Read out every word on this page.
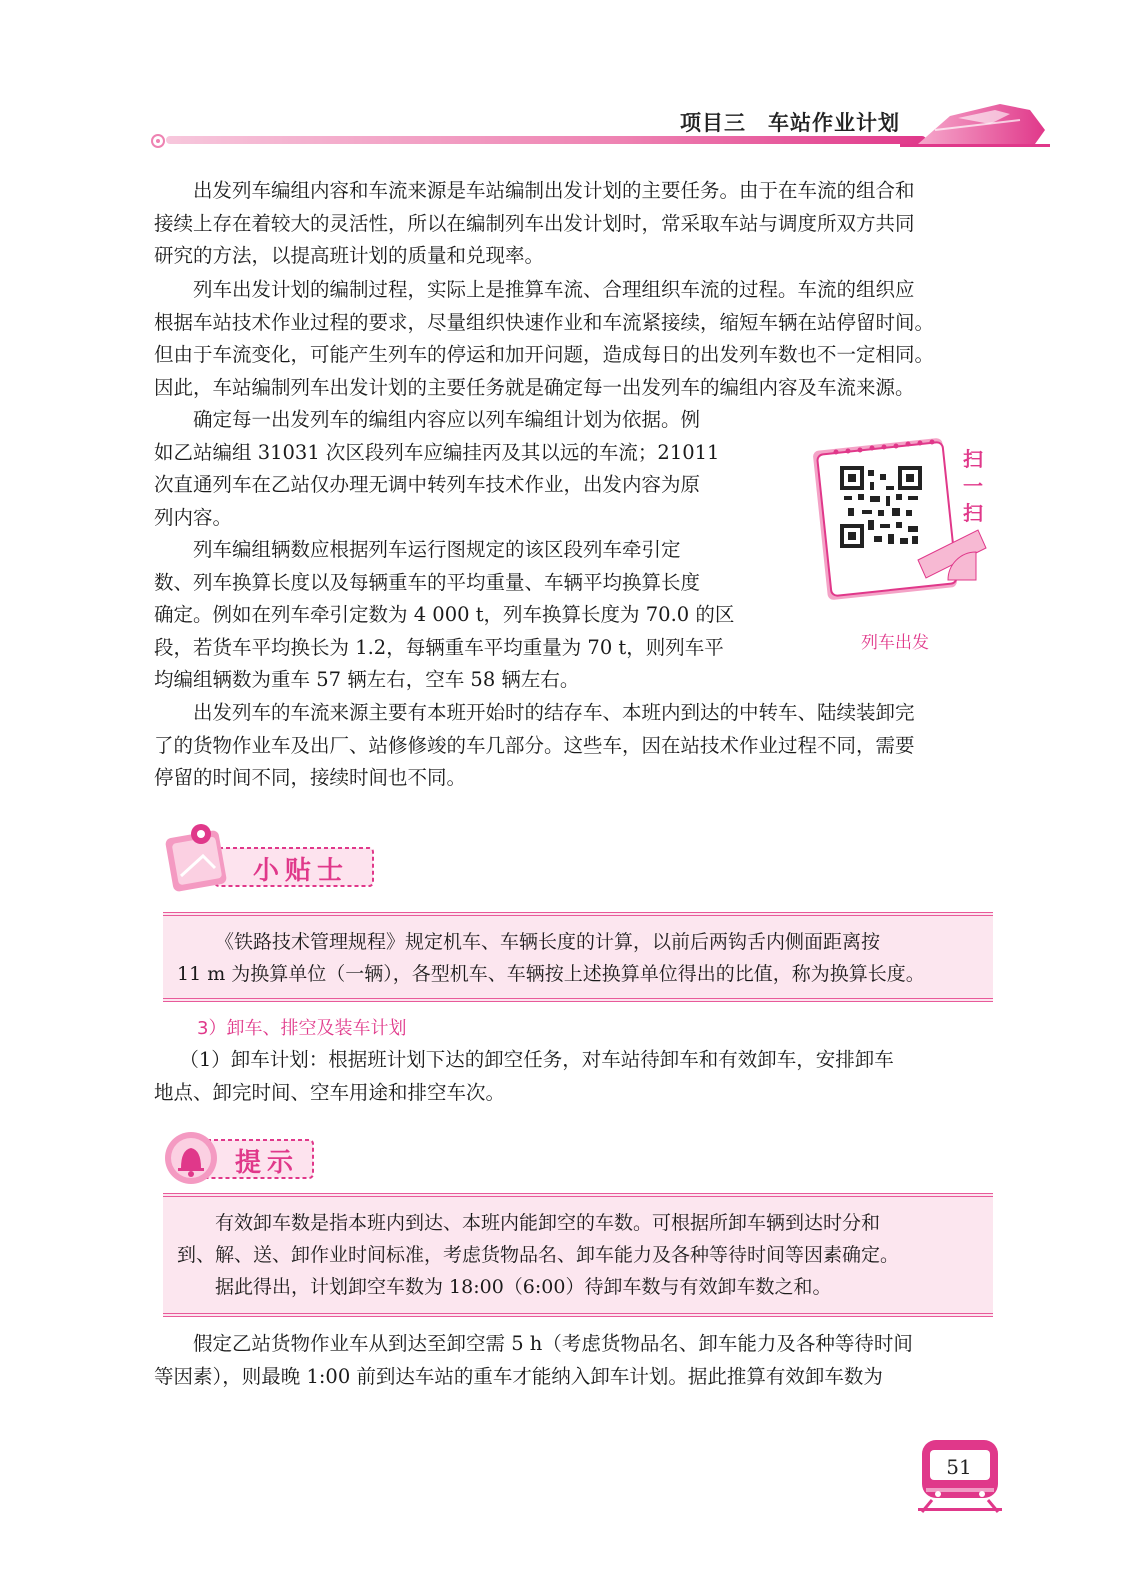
项目三 车站作业计划

出发列车编组内容和车流来源是车站编制出发计划的主要任务。由于在车流的组合和
接续上存在着较大的灵活性，所以在编制列车出发计划时，常采取车站与调度所双方共同
研究的方法，以提高班计划的质量和兑现率。

列车出发计划的编制过程，实际上是推算车流、合理组织车流的过程。车流的组织应
根据车站技术作业过程的要求，尽量组织快速作业和车流紧接续，缩短车辆在站停留时间。
但由于车流变化，可能产生列车的停运和加开问题，造成每日的出发列车数也不一定相同。
因此，车站编制列车出发计划的主要任务就是确定每一出发列车的编组内容及车流来源。

确定每一出发列车的编组内容应以列车编组计划为依据。例
如乙站编组 31031 次区段列车应编挂丙及其以远的车流；21011
次直通列车在乙站仅办理无调中转列车技术作业，出发内容为原
列内容。

列车编组辆数应根据列车运行图规定的该区段列车牵引定
数、列车换算长度以及每辆重车的平均重量、车辆平均换算长度
确定。例如在列车牵引定数为 4 000 t，列车换算长度为 70.0 的区
段，若货车平均换长为 1.2，每辆重车平均重量为 70 t，则列车平
均编组辆数为重车 57 辆左右，空车 58 辆左右。

扫
一
扫
列车出发

出发列车的车流来源主要有本班开始时的结存车、本班内到达的中转车、陆续装卸完
了的货物作业车及出厂、站修修竣的车几部分。这些车，因在站技术作业过程不同，需要
停留的时间不同，接续时间也不同。

小贴士
《铁路技术管理规程》规定机车、车辆长度的计算，以前后两钩舌内侧面距离按
11 m 为换算单位（一辆），各型机车、车辆按上述换算单位得出的比值，称为换算长度。
3）卸车、排空及装车计划

（1）卸车计划：根据班计划下达的卸空任务，对车站待卸车和有效卸车，安排卸车
地点、卸完时间、空车用途和排空车次。

提示
有效卸车数是指本班内到达、本班内能卸空的车数。可根据所卸车辆到达时分和
到、解、送、卸作业时间标准，考虑货物品名、卸车能力及各种等待时间等因素确定。
据此得出，计划卸空车数为 18:00（6:00）待卸车数与有效卸车数之和。

假定乙站货物作业车从到达至卸空需 5 h（考虑货物品名、卸车能力及各种等待时间
等因素），则最晚 1:00 前到达车站的重车才能纳入卸车计划。据此推算有效卸车数为

51
